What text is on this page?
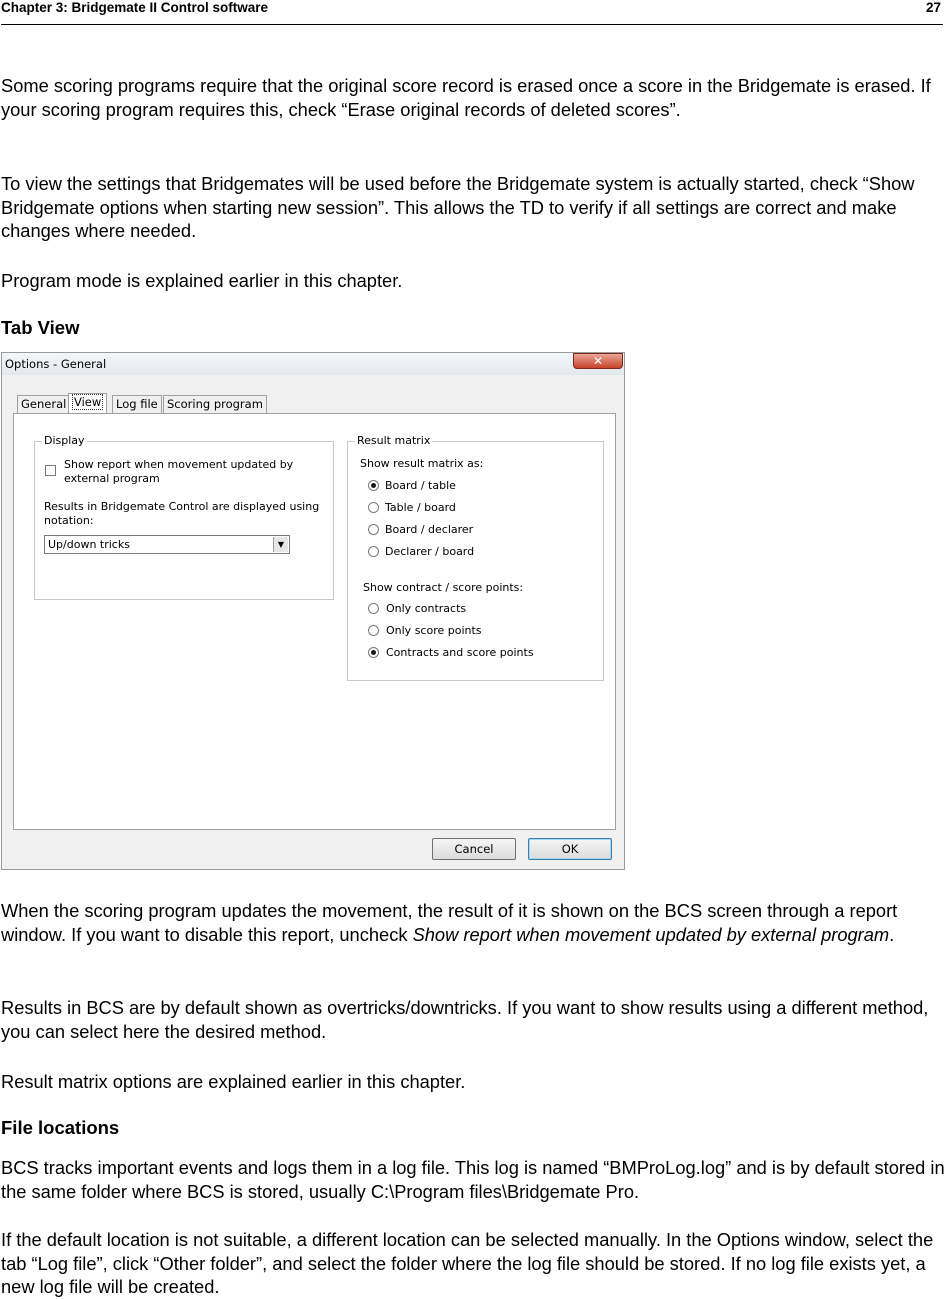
Chapter 3: Bridgemate II Control software	27

Some scoring programs require that the original score record is erased once a score in the Bridgemate is erased. If your scoring program requires this, check “Erase original records of deleted scores”.

To view the settings that Bridgemates will be used before the Bridgemate system is actually started, check “Show Bridgemate options when starting new session”. This allows the TD to verify if all settings are correct and make changes where needed.

Program mode is explained earlier in this chapter.

Tab View
Options - General	✕
General View	Log file Scoring program
Display
Show report when movement updated by
external program
Results in Bridgemate Control are displayed using
notation:
Up/down tricks	▼
Result matrix
Show result matrix as:
Board / table
Table / board
Board / declarer
Declarer / board
Show contract / score points:
Only contracts
Only score points
Contracts and score points
Cancel	OK

When the scoring program updates the movement, the result of it is shown on the BCS screen through a report window. If you want to disable this report, uncheck Show report when movement updated by external program.

Results in BCS are by default shown as overtricks/downtricks. If you want to show results using a different method, you can select here the desired method.

Result matrix options are explained earlier in this chapter.

File locations

BCS tracks important events and logs them in a log file. This log is named “BMProLog.log” and is by default stored in the same folder where BCS is stored, usually C:\Program files\Bridgemate Pro.

If the default location is not suitable, a different location can be selected manually. In the Options window, select the tab “Log file”, click “Other folder”, and select the folder where the log file should be stored. If no log file exists yet, a new log file will be created.
